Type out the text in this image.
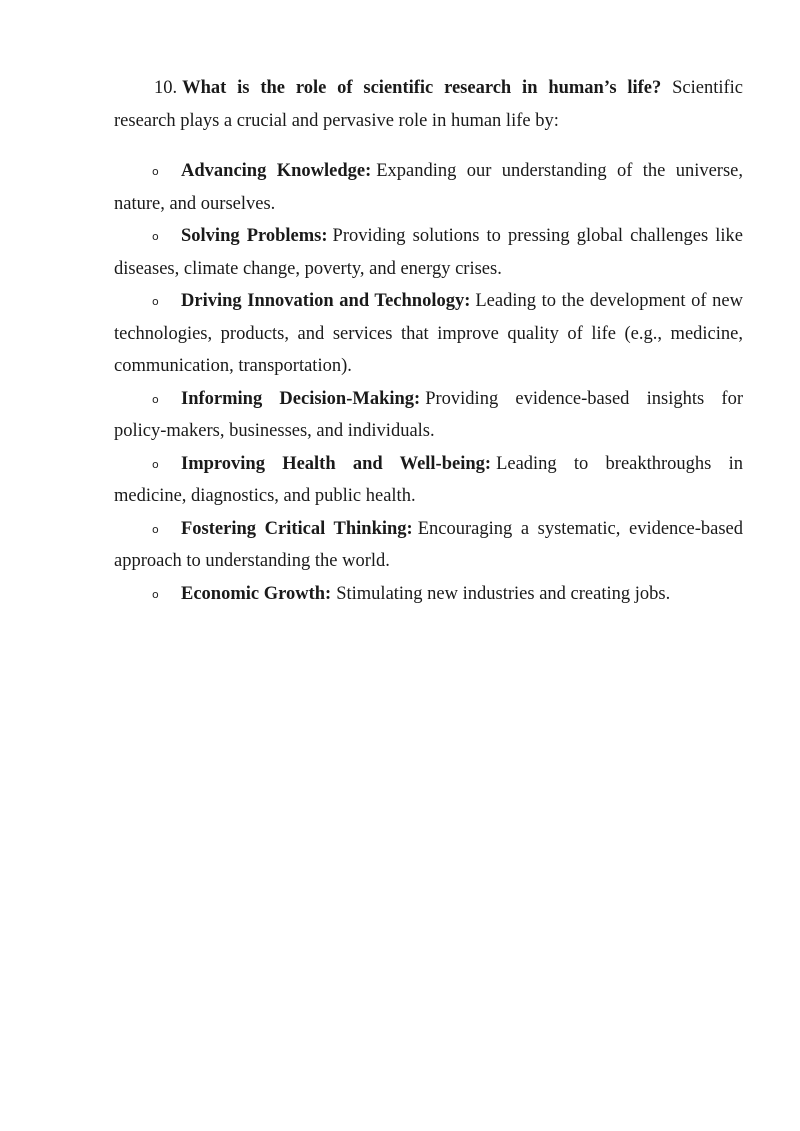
10. What is the role of scientific research in human’s life? Scientific research plays a crucial and pervasive role in human life by:

o Advancing Knowledge: Expanding our understanding of the universe, nature, and ourselves.
o Solving Problems: Providing solutions to pressing global challenges like diseases, climate change, poverty, and energy crises.
o Driving Innovation and Technology: Leading to the development of new technologies, products, and services that improve quality of life (e.g., medicine, communication, transportation).
o Informing Decision-Making: Providing evidence-based insights for policy-makers, businesses, and individuals.
o Improving Health and Well-being: Leading to breakthroughs in medicine, diagnostics, and public health.
o Fostering Critical Thinking: Encouraging a systematic, evidence-based approach to understanding the world.
o Economic Growth: Stimulating new industries and creating jobs.
